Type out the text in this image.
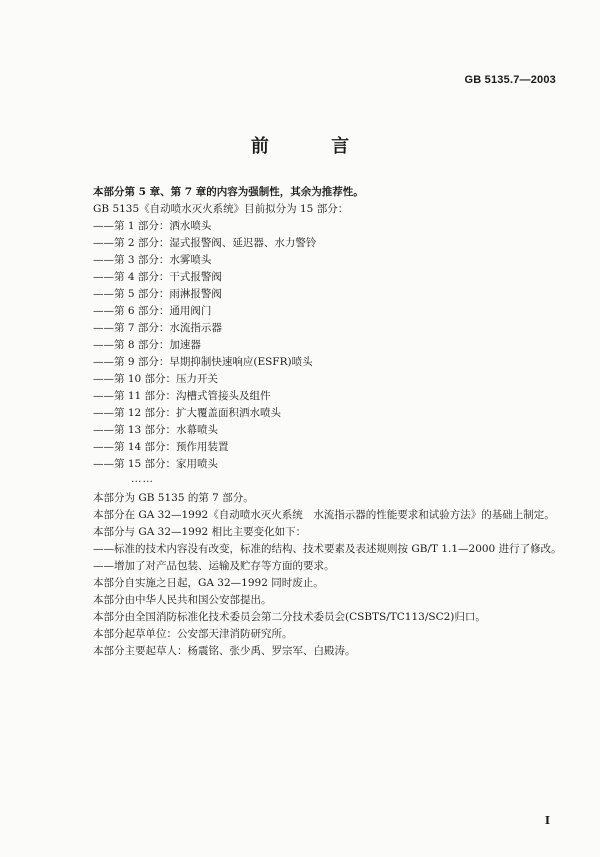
GB 5135.7—2003
前 言
本部分第 5 章、第 7 章的内容为强制性，其余为推荐性。
GB 5135《自动喷水灭火系统》目前拟分为 15 部分：
——第 1 部分：洒水喷头
——第 2 部分：湿式报警阀、延迟器、水力警铃
——第 3 部分：水雾喷头
——第 4 部分：干式报警阀
——第 5 部分：雨淋报警阀
——第 6 部分：通用阀门
——第 7 部分：水流指示器
——第 8 部分：加速器
——第 9 部分：早期抑制快速响应(ESFR)喷头
——第 10 部分：压力开关
——第 11 部分：沟槽式管接头及组件
——第 12 部分：扩大覆盖面积洒水喷头
——第 13 部分：水幕喷头
——第 14 部分：预作用装置
——第 15 部分：家用喷头
……
本部分为 GB 5135 的第 7 部分。
本部分在 GA 32—1992《自动喷水灭火系统　水流指示器的性能要求和试验方法》的基础上制定。
本部分与 GA 32—1992 相比主要变化如下：
——标准的技术内容没有改变，标准的结构、技术要素及表述规则按 GB/T 1.1—2000 进行了修改。
——增加了对产品包装、运输及贮存等方面的要求。
本部分自实施之日起，GA 32—1992 同时废止。
本部分由中华人民共和国公安部提出。
本部分由全国消防标准化技术委员会第二分技术委员会(CSBTS/TC113/SC2)归口。
本部分起草单位：公安部天津消防研究所。
本部分主要起草人：杨震铭、张少禹、罗宗军、白殿涛。
I
